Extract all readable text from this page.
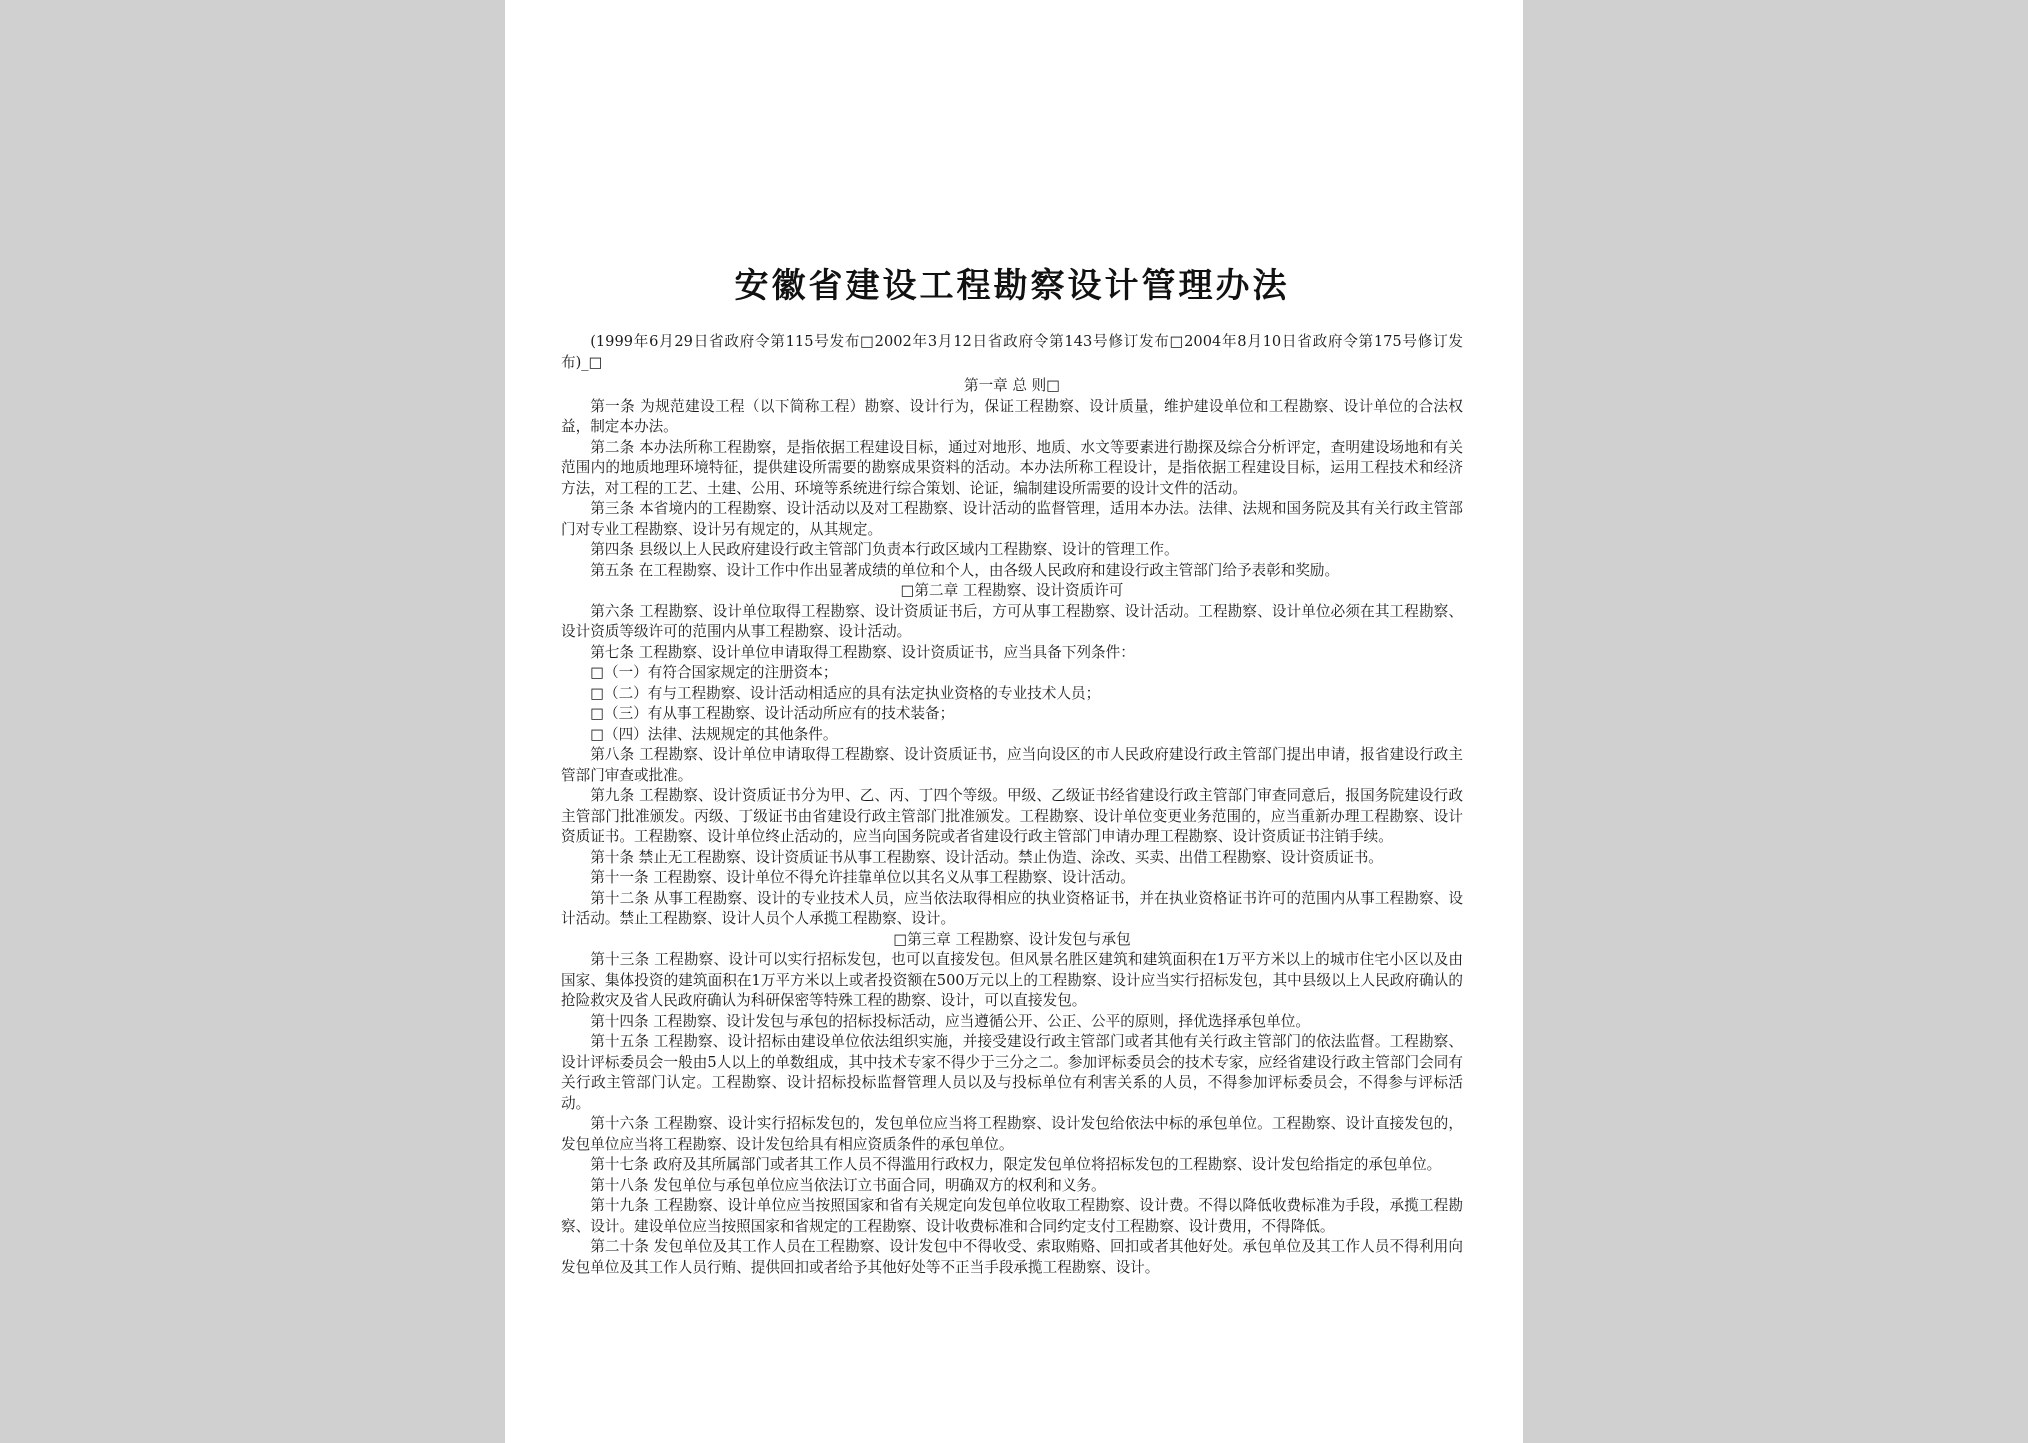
安徽省建设工程勘察设计管理办法

(1999年6月29日省政府令第115号发布□2002年3月12日省政府令第143号修订发布□2004年8月10日省政府令第175号修订发布)_□

第一章 总 则□

第一条 为规范建设工程（以下简称工程）勘察、设计行为，保证工程勘察、设计质量，维护建设单位和工程勘察、设计单位的合法权益，制定本办法。

第二条 本办法所称工程勘察，是指依据工程建设目标，通过对地形、地质、水文等要素进行勘探及综合分析评定，查明建设场地和有关范围内的地质地理环境特征，提供建设所需要的勘察成果资料的活动。本办法所称工程设计，是指依据工程建设目标，运用工程技术和经济方法，对工程的工艺、土建、公用、环境等系统进行综合策划、论证，编制建设所需要的设计文件的活动。

第三条 本省境内的工程勘察、设计活动以及对工程勘察、设计活动的监督管理，适用本办法。法律、法规和国务院及其有关行政主管部门对专业工程勘察、设计另有规定的，从其规定。

第四条 县级以上人民政府建设行政主管部门负责本行政区域内工程勘察、设计的管理工作。

第五条 在工程勘察、设计工作中作出显著成绩的单位和个人，由各级人民政府和建设行政主管部门给予表彰和奖励。

□第二章 工程勘察、设计资质许可

第六条 工程勘察、设计单位取得工程勘察、设计资质证书后，方可从事工程勘察、设计活动。工程勘察、设计单位必须在其工程勘察、设计资质等级许可的范围内从事工程勘察、设计活动。

第七条 工程勘察、设计单位申请取得工程勘察、设计资质证书，应当具备下列条件：

□（一）有符合国家规定的注册资本；

□（二）有与工程勘察、设计活动相适应的具有法定执业资格的专业技术人员；

□（三）有从事工程勘察、设计活动所应有的技术装备；

□（四）法律、法规规定的其他条件。

第八条 工程勘察、设计单位申请取得工程勘察、设计资质证书，应当向设区的市人民政府建设行政主管部门提出申请，报省建设行政主管部门审查或批准。

第九条 工程勘察、设计资质证书分为甲、乙、丙、丁四个等级。甲级、乙级证书经省建设行政主管部门审查同意后，报国务院建设行政主管部门批准颁发。丙级、丁级证书由省建设行政主管部门批准颁发。工程勘察、设计单位变更业务范围的，应当重新办理工程勘察、设计资质证书。工程勘察、设计单位终止活动的，应当向国务院或者省建设行政主管部门申请办理工程勘察、设计资质证书注销手续。

第十条 禁止无工程勘察、设计资质证书从事工程勘察、设计活动。禁止伪造、涂改、买卖、出借工程勘察、设计资质证书。

第十一条 工程勘察、设计单位不得允许挂靠单位以其名义从事工程勘察、设计活动。

第十二条 从事工程勘察、设计的专业技术人员，应当依法取得相应的执业资格证书，并在执业资格证书许可的范围内从事工程勘察、设计活动。禁止工程勘察、设计人员个人承揽工程勘察、设计。

□第三章 工程勘察、设计发包与承包

第十三条 工程勘察、设计可以实行招标发包，也可以直接发包。但风景名胜区建筑和建筑面积在1万平方米以上的城市住宅小区以及由国家、集体投资的建筑面积在1万平方米以上或者投资额在500万元以上的工程勘察、设计应当实行招标发包，其中县级以上人民政府确认的抢险救灾及省人民政府确认为科研保密等特殊工程的勘察、设计，可以直接发包。

第十四条 工程勘察、设计发包与承包的招标投标活动，应当遵循公开、公正、公平的原则，择优选择承包单位。

第十五条 工程勘察、设计招标由建设单位依法组织实施，并接受建设行政主管部门或者其他有关行政主管部门的依法监督。工程勘察、设计评标委员会一般由5人以上的单数组成，其中技术专家不得少于三分之二。参加评标委员会的技术专家，应经省建设行政主管部门会同有关行政主管部门认定。工程勘察、设计招标投标监督管理人员以及与投标单位有利害关系的人员，不得参加评标委员会，不得参与评标活动。

第十六条 工程勘察、设计实行招标发包的，发包单位应当将工程勘察、设计发包给依法中标的承包单位。工程勘察、设计直接发包的，发包单位应当将工程勘察、设计发包给具有相应资质条件的承包单位。

第十七条 政府及其所属部门或者其工作人员不得滥用行政权力，限定发包单位将招标发包的工程勘察、设计发包给指定的承包单位。

第十八条 发包单位与承包单位应当依法订立书面合同，明确双方的权利和义务。

第十九条 工程勘察、设计单位应当按照国家和省有关规定向发包单位收取工程勘察、设计费。不得以降低收费标准为手段，承揽工程勘察、设计。建设单位应当按照国家和省规定的工程勘察、设计收费标准和合同约定支付工程勘察、设计费用，不得降低。

第二十条 发包单位及其工作人员在工程勘察、设计发包中不得收受、索取贿赂、回扣或者其他好处。承包单位及其工作人员不得利用向发包单位及其工作人员行贿、提供回扣或者给予其他好处等不正当手段承揽工程勘察、设计。
